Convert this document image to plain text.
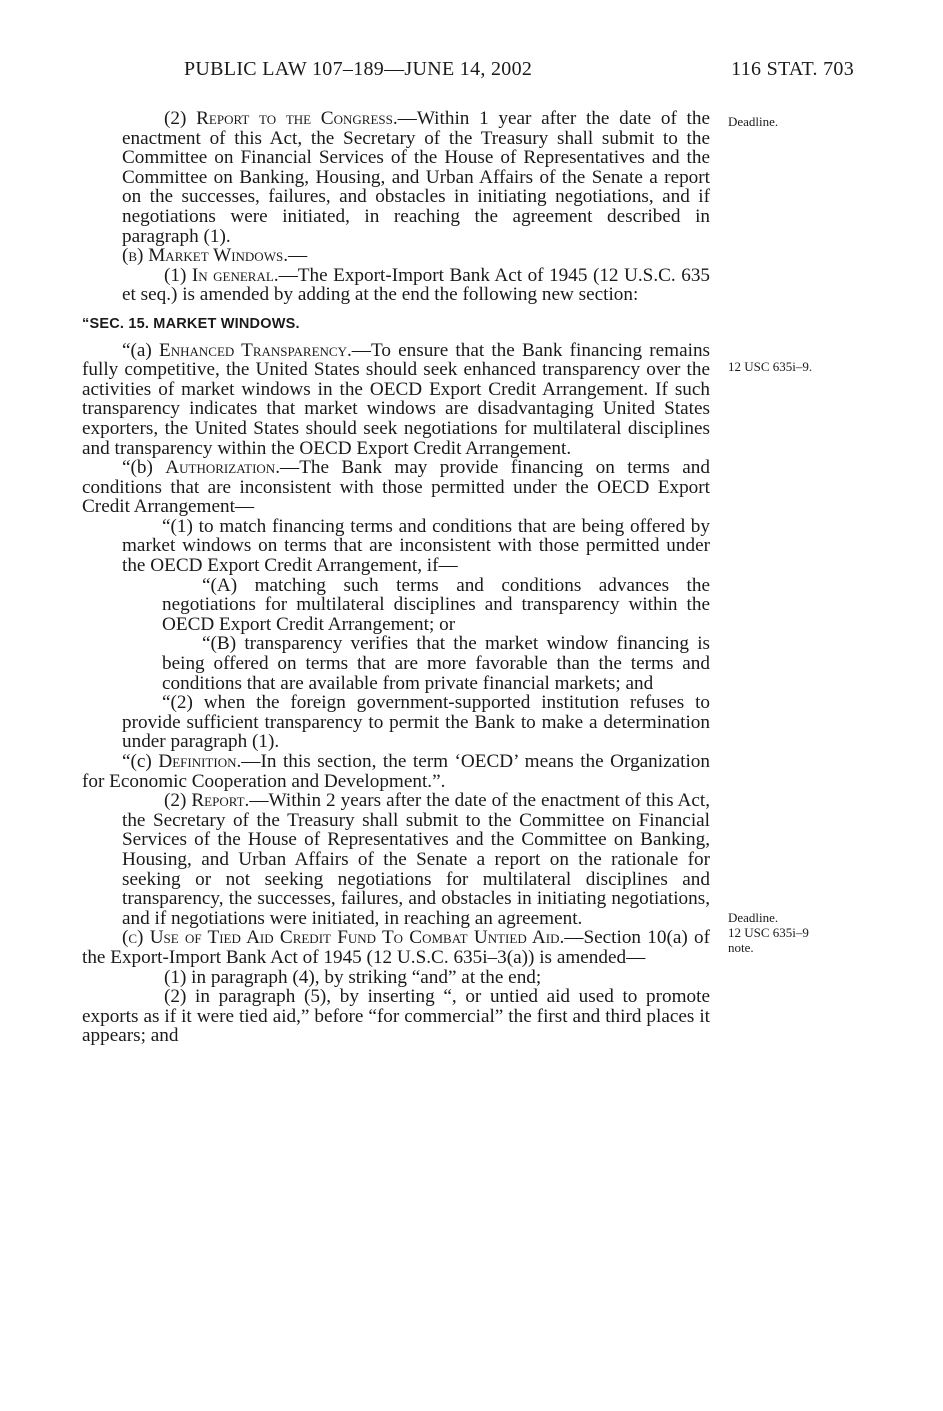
PUBLIC LAW 107–189—JUNE 14, 2002	116 STAT. 703

(2) Report to the Congress.—Within 1 year after the date of the enactment of this Act, the Secretary of the Treasury shall submit to the Committee on Financial Services of the House of Representatives and the Committee on Banking, Housing, and Urban Affairs of the Senate a report on the successes, failures, and obstacles in initiating negotiations, and if negotiations were initiated, in reaching the agreement described in paragraph (1).

(b) Market Windows.—

(1) In general.—The Export-Import Bank Act of 1945 (12 U.S.C. 635 et seq.) is amended by adding at the end the following new section:

“SEC. 15. MARKET WINDOWS.

“(a) Enhanced Transparency.—To ensure that the Bank financing remains fully competitive, the United States should seek enhanced transparency over the activities of market windows in the OECD Export Credit Arrangement. If such transparency indicates that market windows are disadvantaging United States exporters, the United States should seek negotiations for multilateral disciplines and transparency within the OECD Export Credit Arrangement.

“(b) Authorization.—The Bank may provide financing on terms and conditions that are inconsistent with those permitted under the OECD Export Credit Arrangement—

“(1) to match financing terms and conditions that are being offered by market windows on terms that are inconsistent with those permitted under the OECD Export Credit Arrangement, if—

“(A) matching such terms and conditions advances the negotiations for multilateral disciplines and transparency within the OECD Export Credit Arrangement; or

“(B) transparency verifies that the market window financing is being offered on terms that are more favorable than the terms and conditions that are available from private financial markets; and

“(2) when the foreign government-supported institution refuses to provide sufficient transparency to permit the Bank to make a determination under paragraph (1).

“(c) Definition.—In this section, the term ‘OECD’ means the Organization for Economic Cooperation and Development.”.

(2) Report.—Within 2 years after the date of the enactment of this Act, the Secretary of the Treasury shall submit to the Committee on Financial Services of the House of Representatives and the Committee on Banking, Housing, and Urban Affairs of the Senate a report on the rationale for seeking or not seeking negotiations for multilateral disciplines and transparency, the successes, failures, and obstacles in initiating negotiations, and if negotiations were initiated, in reaching an agreement.

(c) Use of Tied Aid Credit Fund To Combat Untied Aid.—Section 10(a) of the Export-Import Bank Act of 1945 (12 U.S.C. 635i–3(a)) is amended—

(1) in paragraph (4), by striking “and” at the end;

(2) in paragraph (5), by inserting “, or untied aid used to promote exports as if it were tied aid,” before “for commercial” the first and third places it appears; and

Deadline.
12 USC 635i–9.
Deadline.
12 USC 635i–9
note.
